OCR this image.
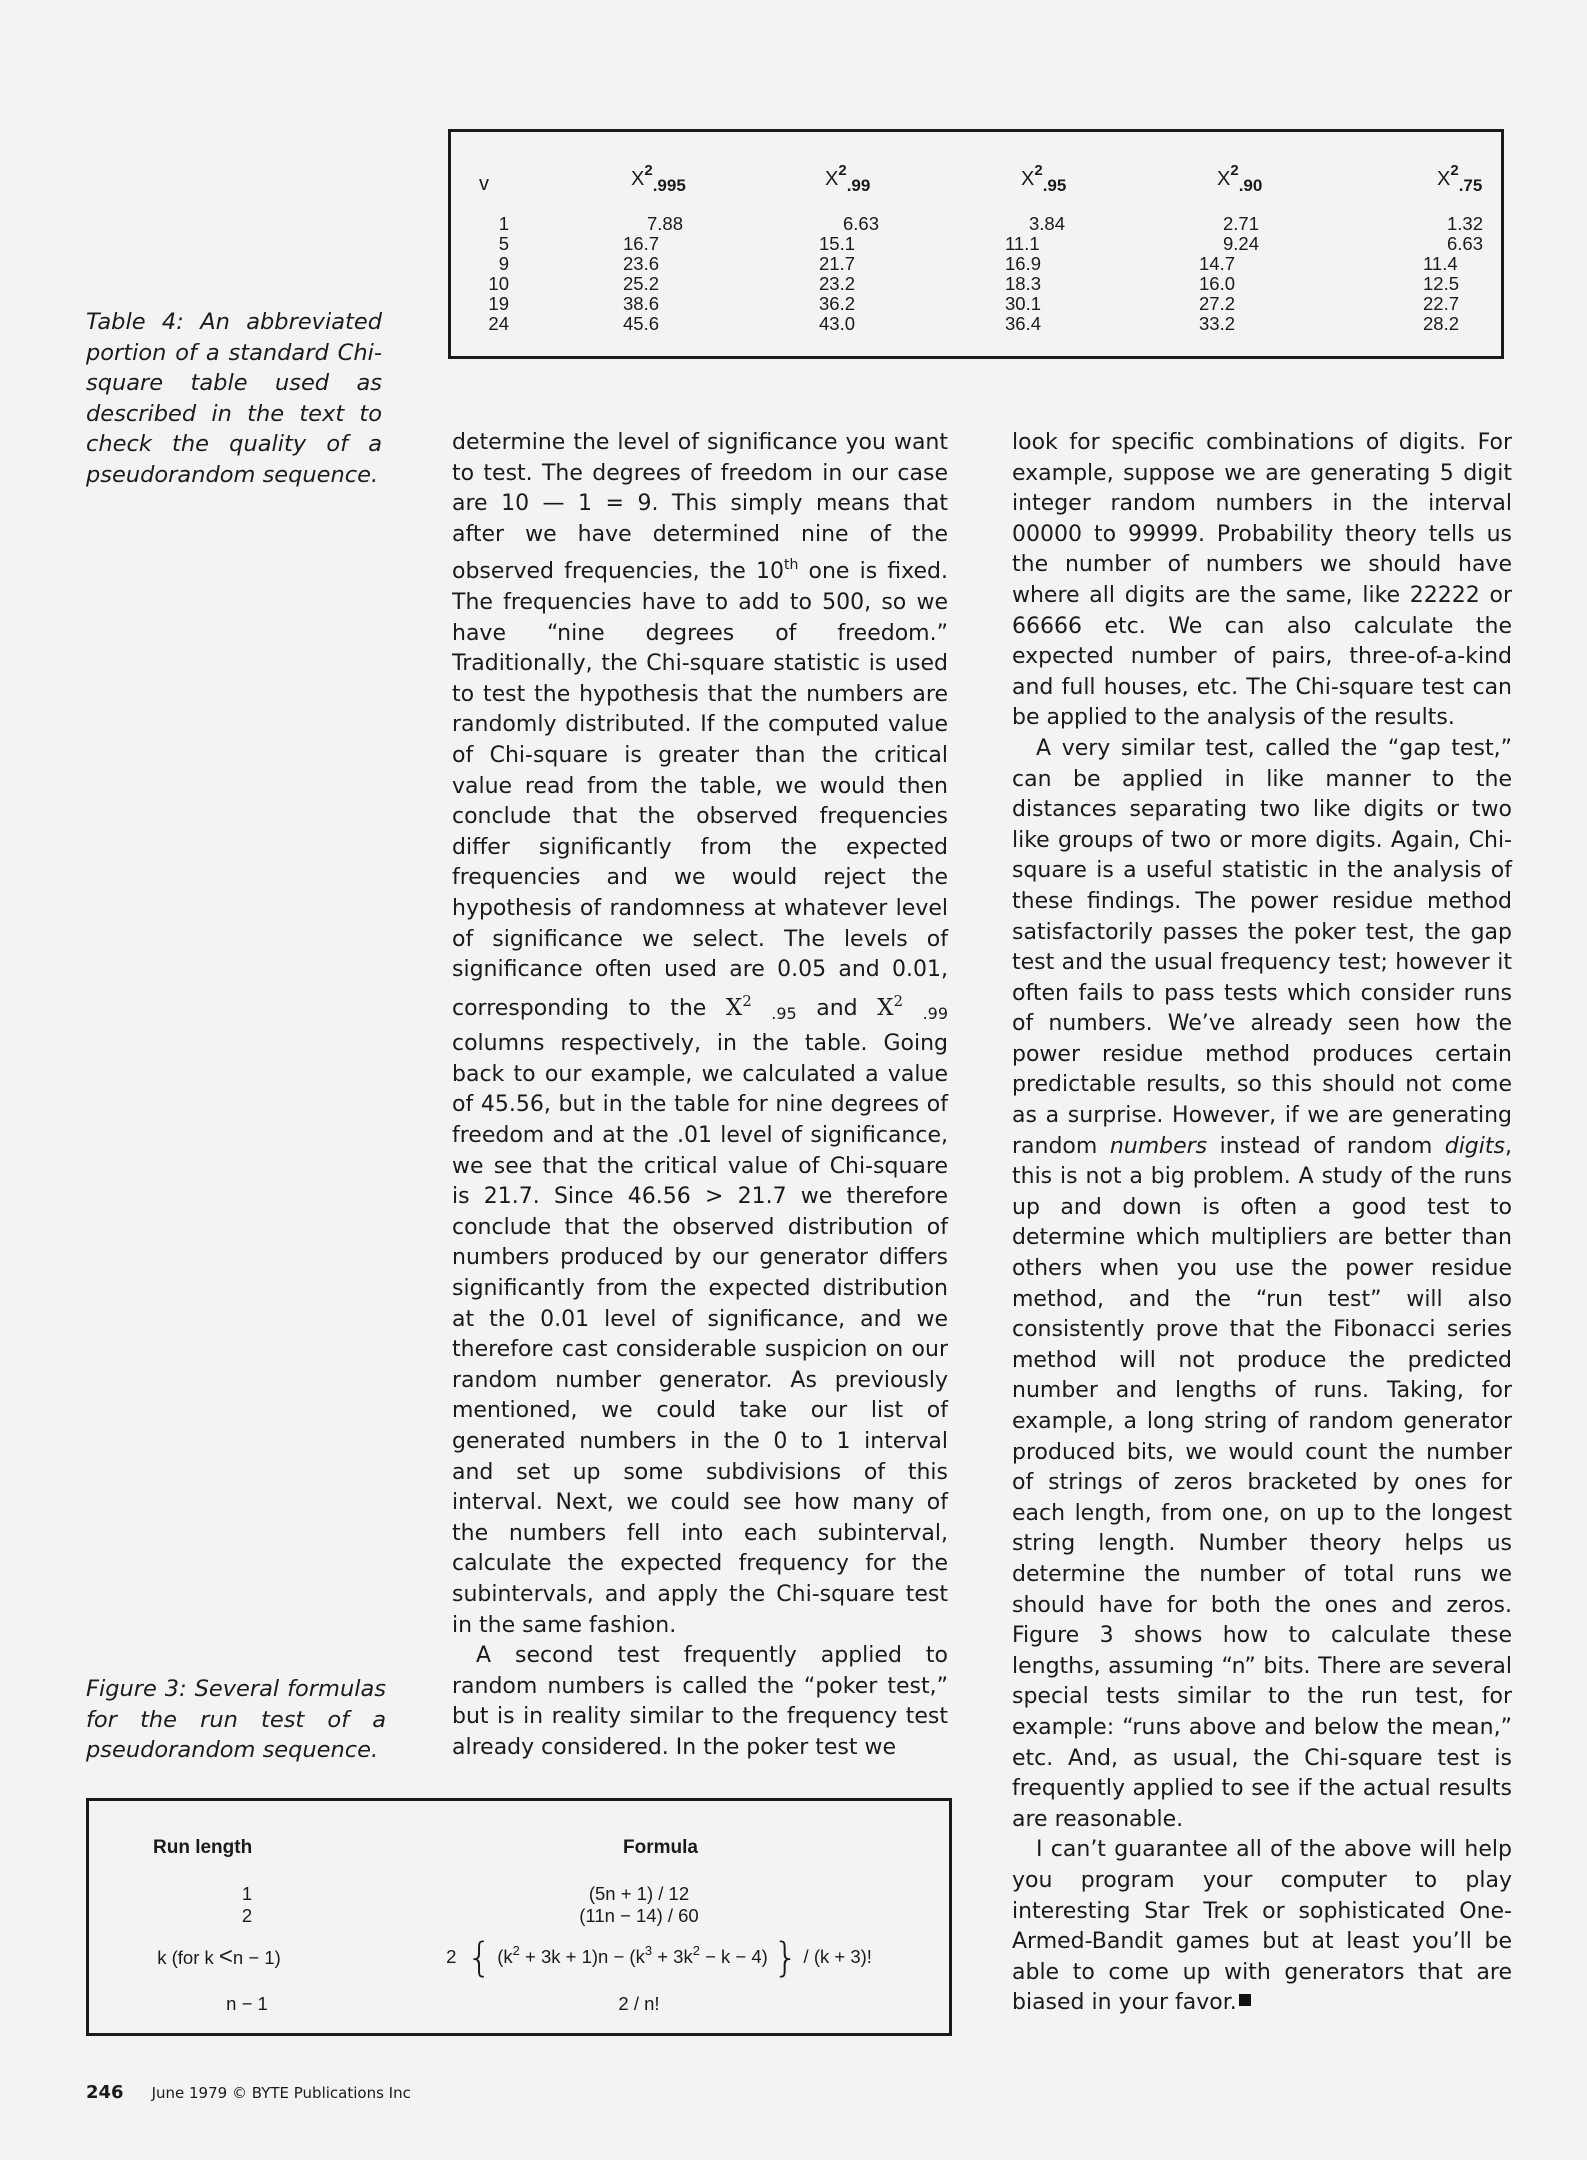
Table 4: An abbreviated portion of a standard Chi-square table used as described in the text to check the quality of a pseudorandom sequence.
v	$X^2_{.995}$	$X^2_{.99}$	$X^2_{.95}$	$X^2_{.90}$	$X^2_{.75}$
1	7.88	6.63	3.84	2.71	1.32
5	16.7	15.1	11.1	9.24	6.63
9	23.6	21.7	16.9	14.7	11.4
10	25.2	23.2	18.3	16.0	12.5
19	38.6	36.2	30.1	27.2	22.7
24	45.6	43.0	36.4	33.2	28.2

determine the level of significance you want to test. The degrees of freedom in our case are 10 — 1 = 9. This simply means that after we have determined nine of the observed frequencies, the 10th one is fixed. The frequencies have to add to 500, so we have “nine degrees of freedom.” Traditionally, the Chi-square statistic is used to test the hypothesis that the numbers are randomly distributed. If the computed value of Chi-square is greater than the critical value read from the table, we would then conclude that the observed frequencies differ significantly from the expected frequencies and we would reject the hypothesis of randomness at whatever level of significance we select. The levels of significance often used are 0.05 and 0.01, corresponding to the $X^2$ .95 and $X^2$ .99 columns respectively, in the table. Going back to our example, we calculated a value of 45.56, but in the table for nine degrees of freedom and at the .01 level of significance, we see that the critical value of Chi-square is 21.7. Since 46.56 > 21.7 we therefore conclude that the observed distribution of numbers produced by our generator differs significantly from the expected distribution at the 0.01 level of significance, and we therefore cast considerable suspicion on our random number generator. As previously mentioned, we could take our list of generated numbers in the 0 to 1 interval and set up some subdivisions of this interval. Next, we could see how many of the numbers fell into each subinterval, calculate the expected frequency for the subintervals, and apply the Chi-square test in the same fashion.

A second test frequently applied to random numbers is called the “poker test,” but is in reality similar to the frequency test already considered. In the poker test we

look for specific combinations of digits. For example, suppose we are generating 5 digit integer random numbers in the interval 00000 to 99999. Probability theory tells us the number of numbers we should have where all digits are the same, like 22222 or 66666 etc. We can also calculate the expected number of pairs, three-of-a-kind and full houses, etc. The Chi-square test can be applied to the analysis of the results.

A very similar test, called the “gap test,” can be applied in like manner to the distances separating two like digits or two like groups of two or more digits. Again, Chi-square is a useful statistic in the analysis of these findings. The power residue method satisfactorily passes the poker test, the gap test and the usual frequency test; however it often fails to pass tests which consider runs of numbers. We’ve already seen how the power residue method produces certain predictable results, so this should not come as a surprise. However, if we are generating random numbers instead of random digits, this is not a big problem. A study of the runs up and down is often a good test to determine which multipliers are better than others when you use the power residue method, and the “run test” will also consistently prove that the Fibonacci series method will not produce the predicted number and lengths of runs. Taking, for example, a long string of random generator produced bits, we would count the number of strings of zeros bracketed by ones for each length, from one, on up to the longest string length. Number theory helps us determine the number of total runs we should have for both the ones and zeros. Figure 3 shows how to calculate these lengths, assuming “n” bits. There are several special tests similar to the run test, for example: “runs above and below the mean,” etc. And, as usual, the Chi-square test is frequently applied to see if the actual results are reasonable.

I can’t guarantee all of the above will help you program your computer to play interesting Star Trek or sophisticated One-Armed-Bandit games but at least you’ll be able to come up with generators that are biased in your favor.

Figure 3: Several formulas for the run test of a pseudorandom sequence.
Run length	Formula
1	(5n + 1) / 12
2	(11n − 14) / 60
k (for k <n − 1)	2 { $(k^2 + 3k + 1)n - (k^3 + 3k^2 - k - 4)$ } / (k + 3)!
n − 1	2 / n!
246 June 1979 © BYTE Publications Inc
